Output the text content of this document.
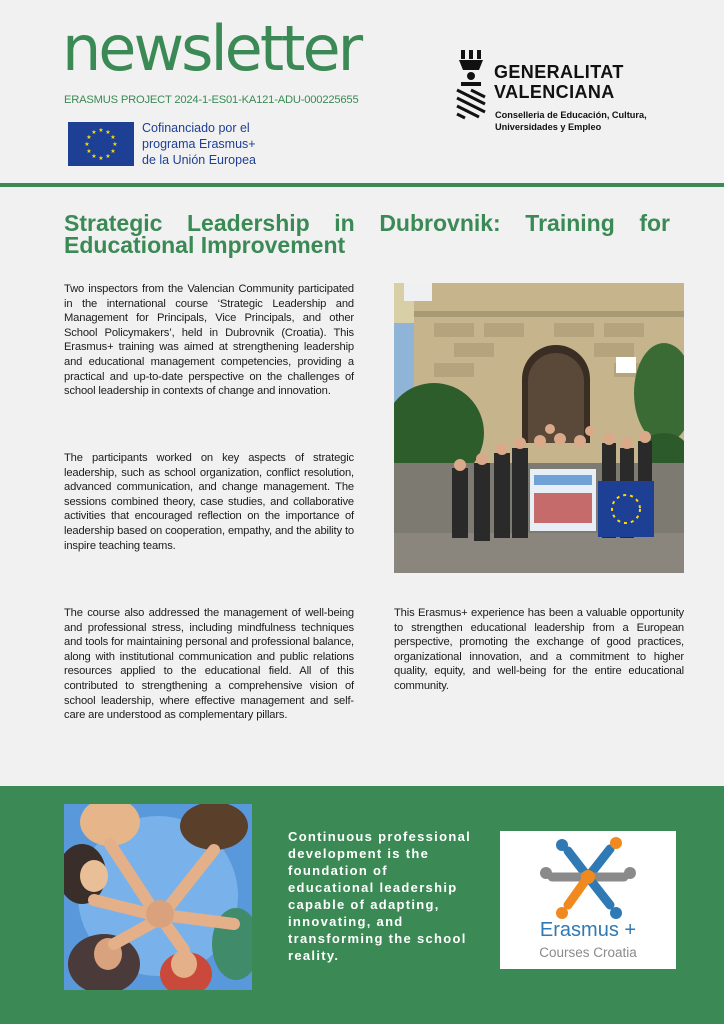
newsletter
ERASMUS PROJECT 2024-1-ES01-KA121-ADU-000225655
★ ★
★
★
★
★
★
★
★
★
★
★	Cofinanciado por el
programa Erasmus+
de la Unión Europea
GENERALITAT
VALENCIANA
Conselleria de Educación, Cultura,
Universidades y Empleo
Strategic Leadership in Dubrovnik: Training for Educational Improvement

Two inspectors from the Valencian Community participated in the international course ‘Strategic Leadership and Management for Principals, Vice Principals, and other School Policymakers’, held in Dubrovnik (Croatia). This Erasmus+ training was aimed at strengthening leadership and educational management competencies, providing a practical and up-to-date perspective on the challenges of school leadership in contexts of change and innovation.

The participants worked on key aspects of strategic leadership, such as school organization, conflict resolution, advanced communication, and change management. The sessions combined theory, case studies, and collaborative activities that encouraged reflection on the importance of leadership based on cooperation, empathy, and the ability to inspire teaching teams.

The course also addressed the management of well-being and professional stress, including mindfulness techniques and tools for maintaining personal and professional balance, along with institutional communication and public relations resources applied to the educational field. All of this contributed to strengthening a comprehensive vision of school leadership, where effective management and self-care are understood as complementary pillars.

This Erasmus+ experience has been a valuable opportunity to strengthen educational leadership from a European perspective, promoting the exchange of good practices, organizational innovation, and a commitment to higher quality, equity, and well-being for the entire educational community.

Continuous professional development is the foundation of educational leadership capable of adapting, innovating, and transforming the school reality.

Erasmus +
Courses Croatia
